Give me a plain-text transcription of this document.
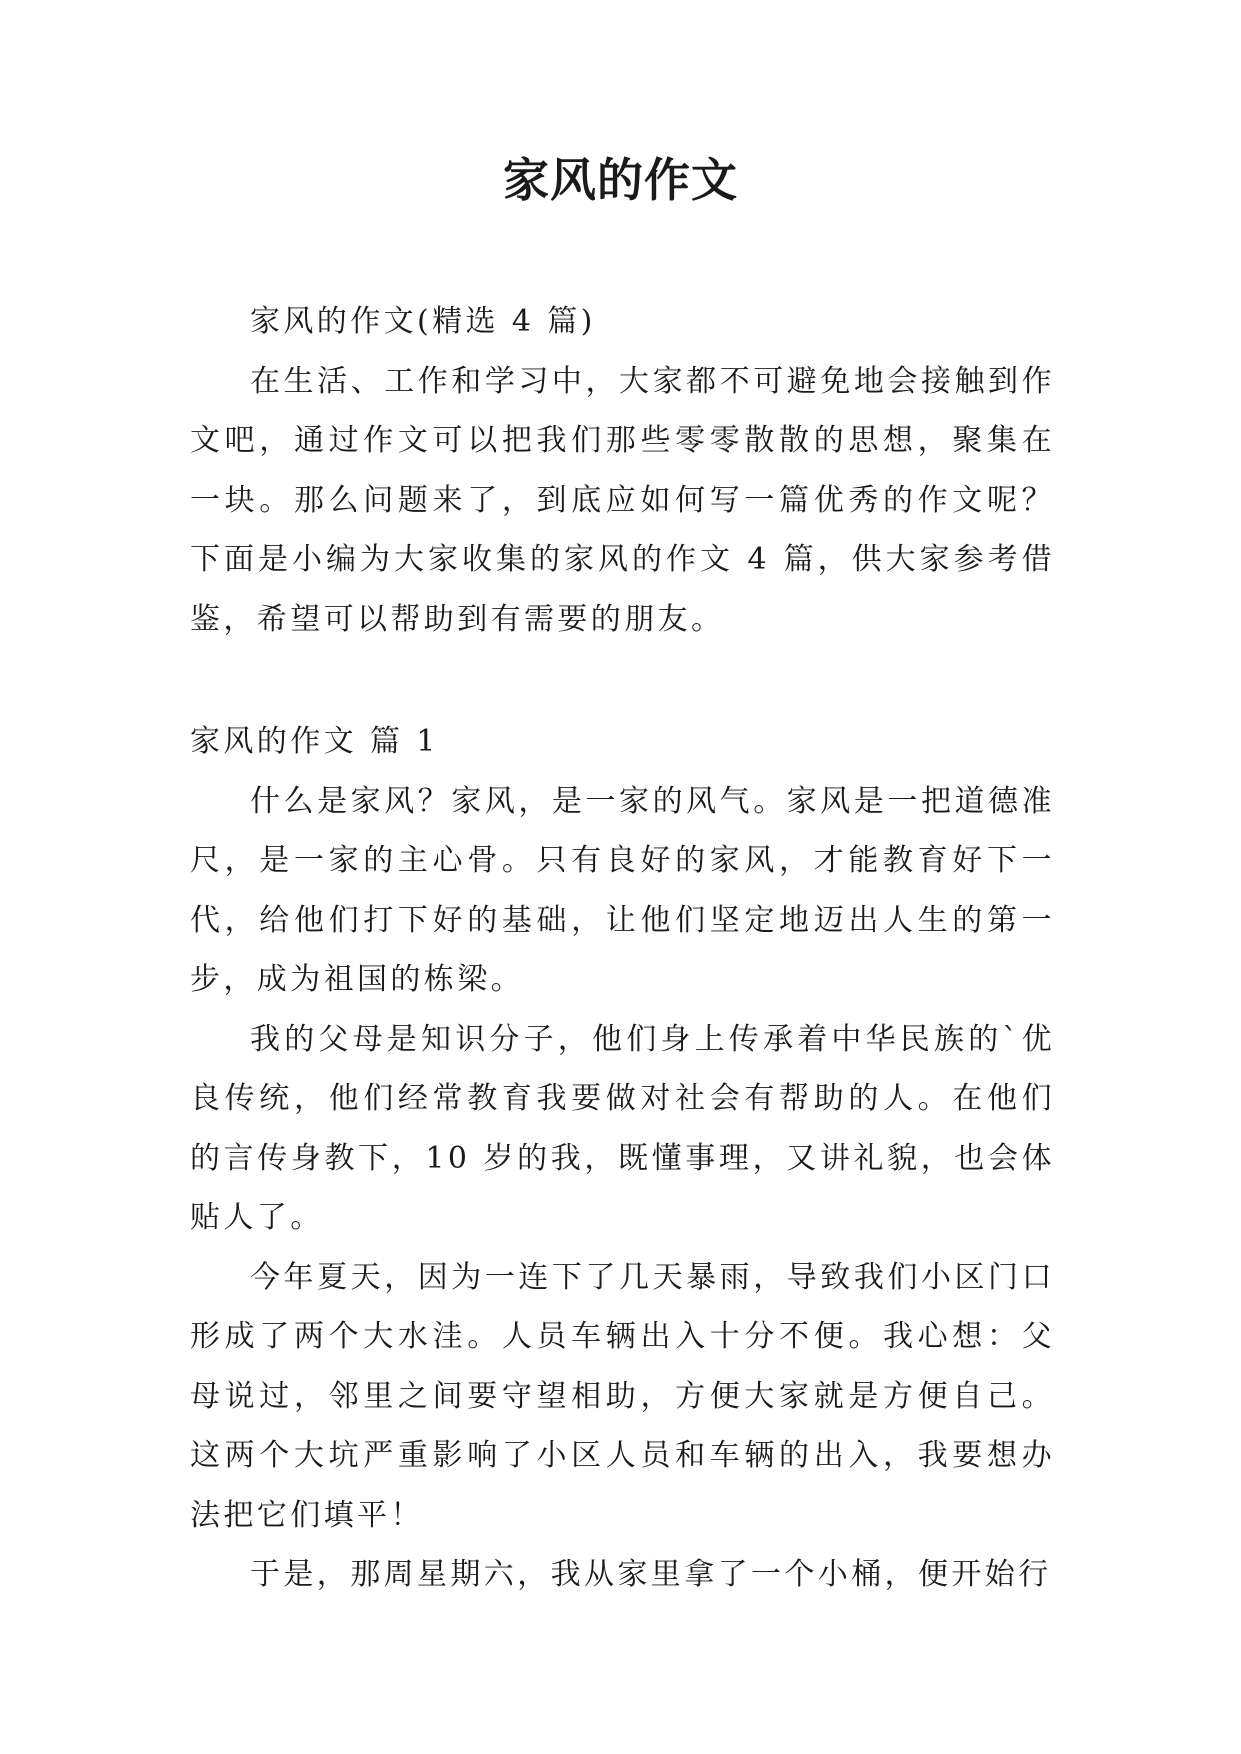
家风的作文

家风的作文(精选 4 篇)

在生活、工作和学习中，大家都不可避免地会接触到作文吧，通过作文可以把我们那些零零散散的思想，聚集在一块。那么问题来了，到底应如何写一篇优秀的作文呢？下面是小编为大家收集的家风的作文 4 篇，供大家参考借鉴，希望可以帮助到有需要的朋友。

家风的作文 篇 1

什么是家风？家风，是一家的风气。家风是一把道德准尺，是一家的主心骨。只有良好的家风，才能教育好下一代，给他们打下好的基础，让他们坚定地迈出人生的第一步，成为祖国的栋梁。

我的父母是知识分子，他们身上传承着中华民族的`优良传统，他们经常教育我要做对社会有帮助的人。在他们的言传身教下，10 岁的我，既懂事理，又讲礼貌，也会体贴人了。

今年夏天，因为一连下了几天暴雨，导致我们小区门口形成了两个大水洼。人员车辆出入十分不便。我心想：父母说过，邻里之间要守望相助，方便大家就是方便自己。这两个大坑严重影响了小区人员和车辆的出入，我要想办法把它们填平！

于是，那周星期六，我从家里拿了一个小桶，便开始行
